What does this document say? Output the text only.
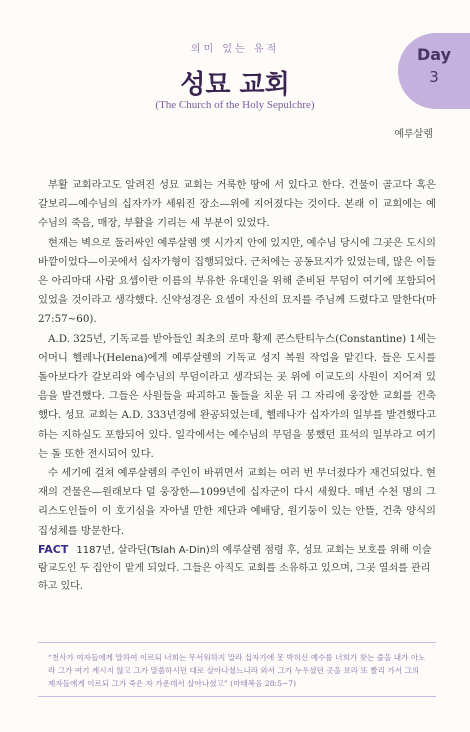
의미 있는 유적	Day
3
성묘 교회
(The Church of the Holy Sepulchre)
예루살렘

부활 교회라고도 알려진 성묘 교회는 거룩한 땅에 서 있다고 한다. 건물이 골고다 혹은 갈보리—예수님의 십자가가 세워진 장소—위에 지어졌다는 것이다. 본래 이 교회에는 예수님의 죽음, 매장, 부활을 기리는 세 부분이 있었다.

현재는 벽으로 둘러싸인 예루살렘 옛 시가지 안에 있지만, 예수님 당시에 그곳은 도시의 바깥이었다—이곳에서 십자가형이 집행되었다. 근처에는 공동묘지가 있었는데, 많은 이들은 아리마대 사람 요셉이란 이름의 부유한 유대인을 위해 준비된 무덤이 여기에 포함되어 있었을 것이라고 생각했다. 신약성경은 요셉이 자신의 묘지를 주님께 드렸다고 말한다(마 27:57~60).

A.D. 325년, 기독교를 받아들인 최초의 로마 황제 콘스탄티누스(Constantine) 1세는 어머니 헬레나(Helena)에게 예루살렘의 기독교 성지 복원 작업을 맡긴다. 들은 도시를 돌아보다가 갈보리와 예수님의 무덤이라고 생각되는 곳 위에 이교도의 사원이 지어져 있음을 발견했다. 그들은 사원들을 파괴하고 돌들을 치운 뒤 그 자리에 웅장한 교회를 건축했다. 성묘 교회는 A.D. 333년경에 완공되었는데, 헬레나가 십자가의 일부를 발견했다고 하는 지하실도 포함되어 있다. 일각에서는 예수님의 무덤을 봉했던 표석의 일부라고 여기는 돌 또한 전시되어 있다.

수 세기에 걸쳐 예루살렘의 주인이 바뀌면서 교회는 여러 번 무너졌다가 재건되었다. 현재의 건물은—원래보다 덜 웅장한—1099년에 십자군이 다시 세웠다. 매년 수천 명의 그리스도인들이 이 호기심을 자아낼 만한 제단과 예배당, 원기둥이 있는 안뜰, 건축 양식의 집성체를 방문한다.

FACT 1187년, 살라딘(Tslah A-Din)의 예루살렘 점령 후, 성묘 교회는 보호를 위해 이슬람교도인 두 집안이 맡게 되었다. 그들은 아직도 교회를 소유하고 있으며, 그곳 열쇠를 관리하고 있다.
“천사가 여자들에게 말하여 이르되 너희는 무서워하지 말라 십자가에 못 박히신 예수를 너희가 찾는 줄을 내가 아노라 그가 여기 계시지 않고 그가 말씀하시던 대로 살아나셨느니라 와서 그가 누우셨던 곳을 보라 또 빨리 가서 그의 제자들에게 이르되 그가 죽은 자 가운데서 살아나셨고” (마태복음 28:5~7)
